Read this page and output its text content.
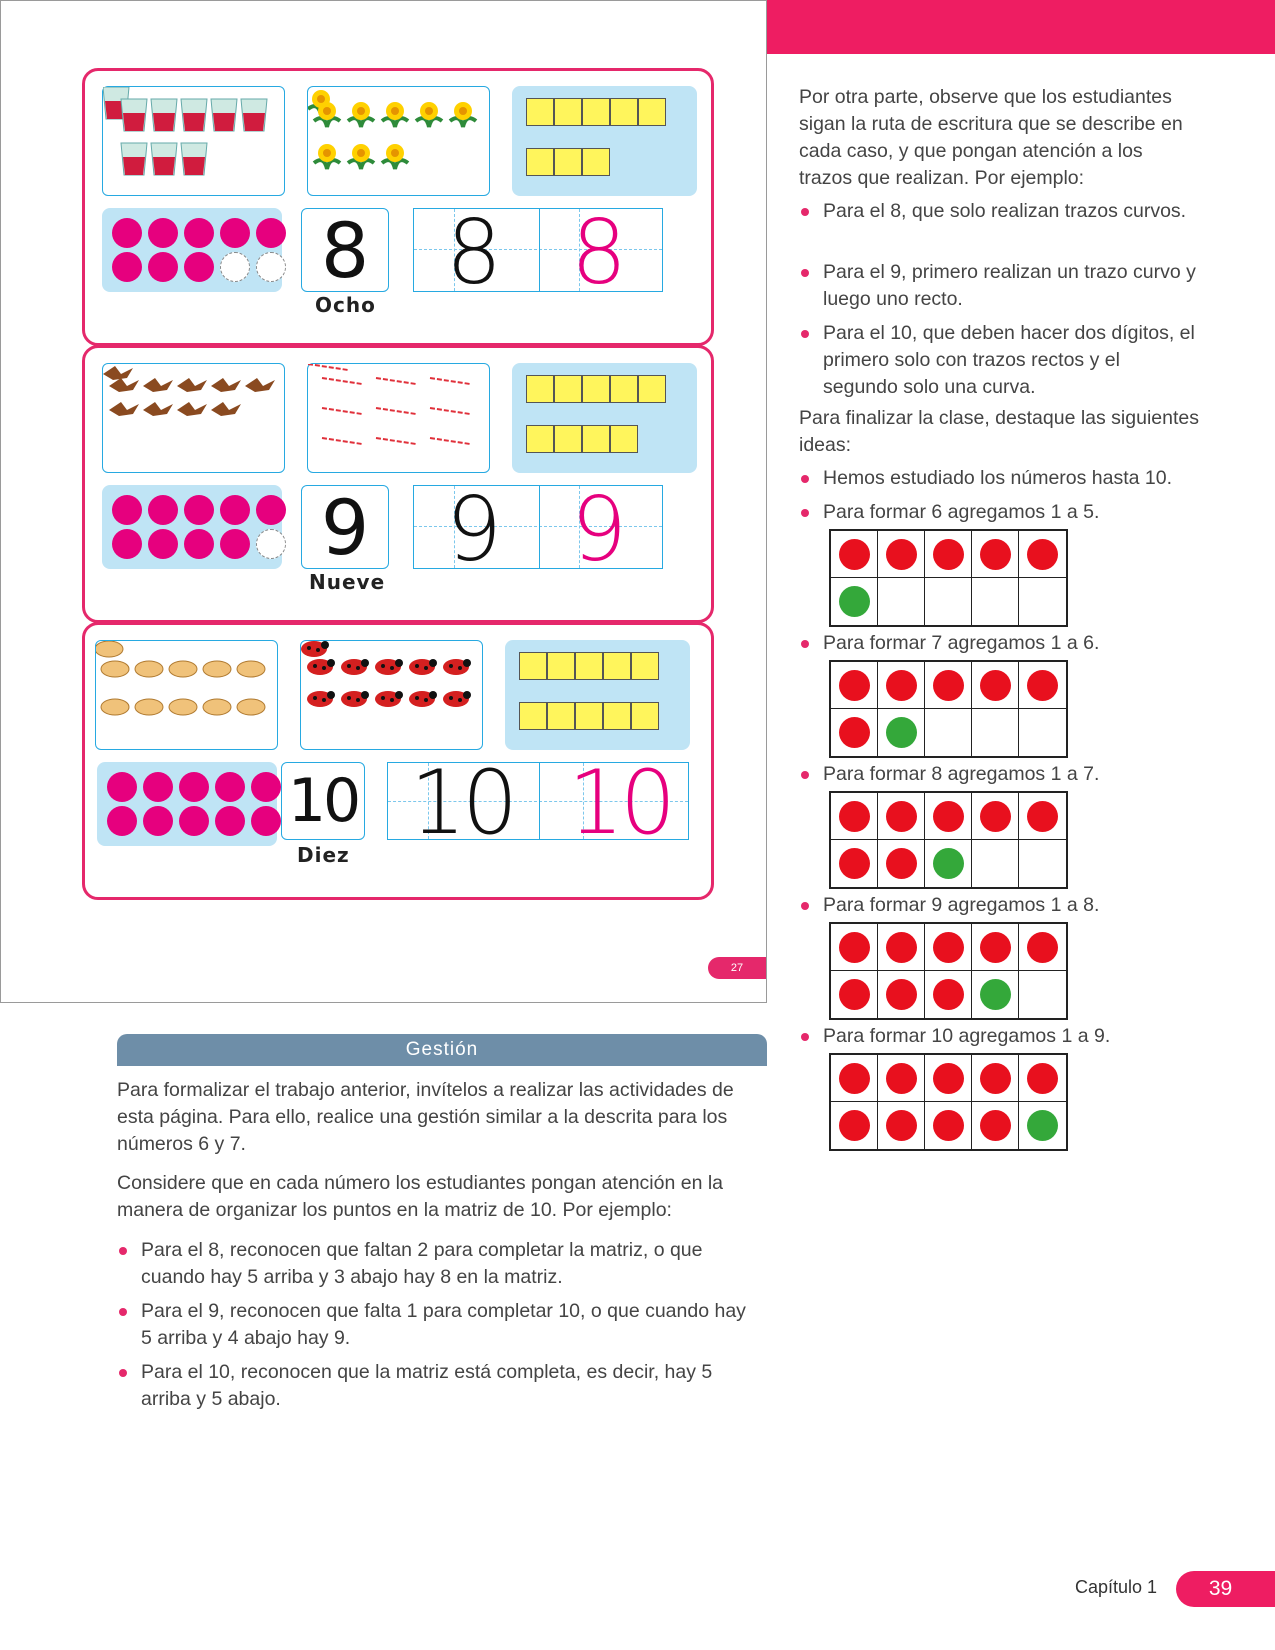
8
Ocho
8 8
9
Nueve
9 9
10
Diez
10 10
27
Por otra parte, observe que los estudiantes sigan la ruta de escritura que se describe en cada caso, y que pongan atención a los trazos que realizan. Por ejemplo:
Para el 8, que solo realizan trazos curvos.
Para el 9, primero realizan un trazo curvo y luego uno recto.
Para el 10, que deben hacer dos dígitos, el primero solo con trazos rectos y el segundo solo una curva.
Para finalizar la clase, destaque las siguientes ideas:
Hemos estudiado los números hasta 10.
Para formar 6 agregamos 1 a 5.
Para formar 7 agregamos 1 a 6.
Para formar 8 agregamos 1 a 7.
Para formar 9 agregamos 1 a 8.
Para formar 10 agregamos 1 a 9.
Gestión
Para formalizar el trabajo anterior, invítelos a realizar las actividades de esta página. Para ello, realice una gestión similar a la descrita para los números 6 y 7.
Considere que en cada número los estudiantes pongan atención en la manera de organizar los puntos en la matriz de 10. Por ejemplo:
Para el 8, reconocen que faltan 2 para completar la matriz, o que cuando hay 5 arriba y 3 abajo hay 8 en la matriz.
Para el 9, reconocen que falta 1 para completar 10, o que cuando hay 5 arriba y 4 abajo hay 9.
Para el 10, reconocen que la matriz está completa, es decir, hay 5 arriba y 5 abajo.
Capítulo 1	39
